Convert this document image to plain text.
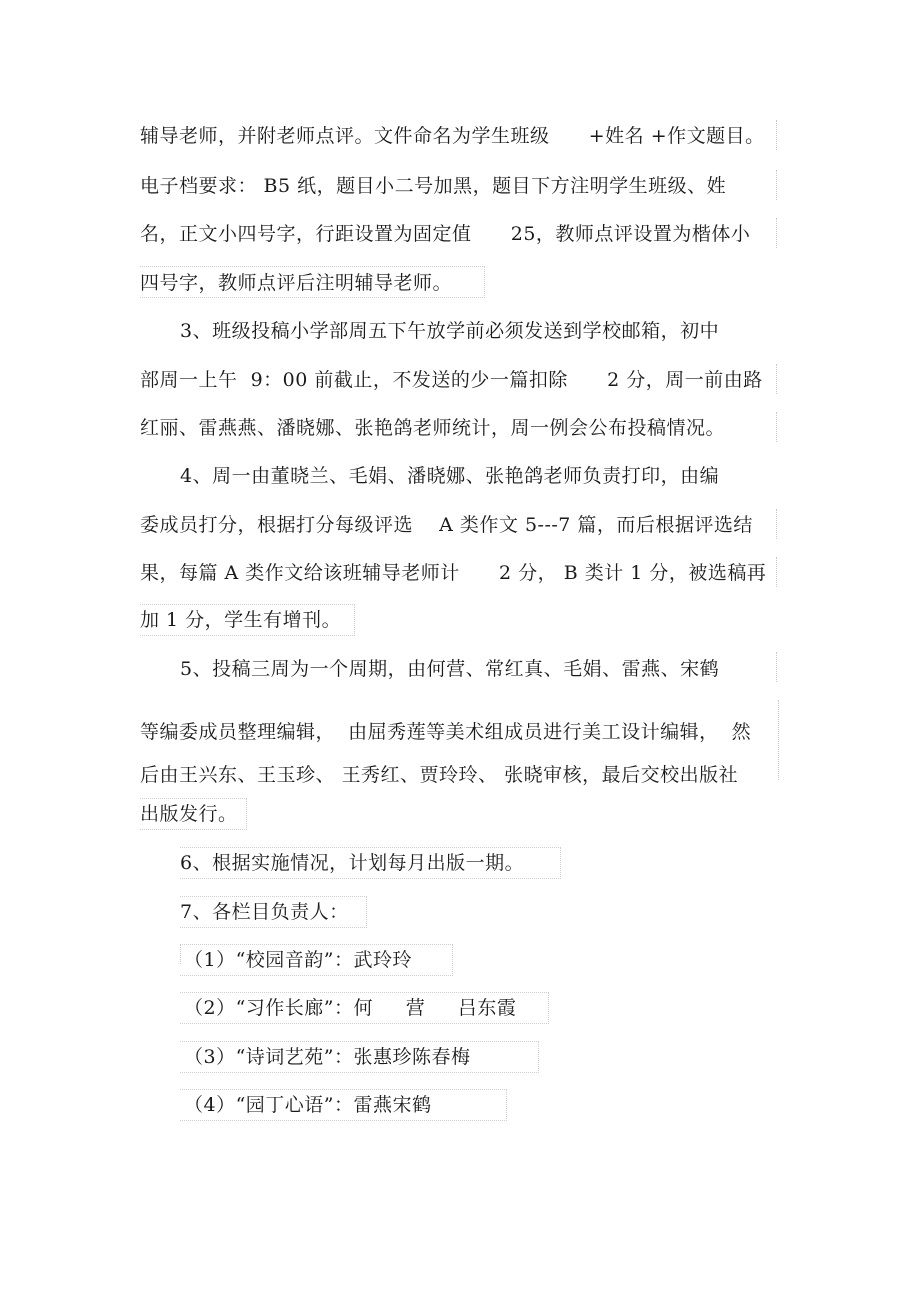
辅导老师，并附老师点评。文件命名为学生班级      +姓名 +作文题目。
电子档要求： B5 纸，题目小二号加黑，题目下方注明学生班级、姓
名，正文小四号字，行距设置为固定值      25，教师点评设置为楷体小
四号字，教师点评后注明辅导老师。
3、班级投稿小学部周五下午放学前必须发送到学校邮箱，初中
部周一上午  9：00 前截止，不发送的少一篇扣除      2 分，周一前由路
红丽、雷燕燕、潘晓娜、张艳鸽老师统计，周一例会公布投稿情况。
4、周一由董晓兰、毛娟、潘晓娜、张艳鸽老师负责打印，由编
委成员打分，根据打分每级评选    A 类作文 5---7 篇，而后根据评选结
果，每篇 A 类作文给该班辅导老师计      2 分， B 类计 1 分，被选稿再
加 1 分，学生有增刊。
5、投稿三周为一个周期，由何营、常红真、毛娟、雷燕、宋鹤
等编委成员整理编辑，  由屈秀莲等美术组成员进行美工设计编辑，  然
后由王兴东、王玉珍、 王秀红、贾玲玲、 张晓审核，最后交校出版社
出版发行。
6、根据实施情况，计划每月出版一期。
7、各栏目负责人：
（1）“校园音韵”：武玲玲
（2）“习作长廊”：何     营     吕东霞
（3）“诗词艺苑”：张惠珍陈春梅
（4）“园丁心语”：雷燕宋鹤
